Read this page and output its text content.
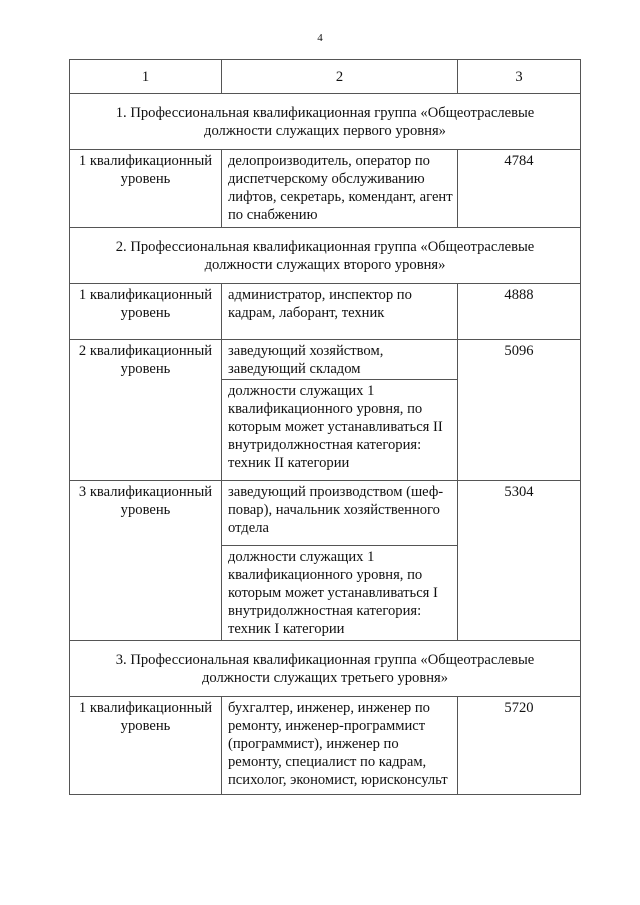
4
1	2	3
1. Профессиональная квалификационная группа «Общеотраслевые должности служащих первого уровня»		
1 квалификационный уровень	делопроизводитель, оператор по диспетчерскому обслуживанию лифтов, секретарь, комендант, агент по снабжению	4784
2. Профессиональная квалификационная группа «Общеотраслевые должности служащих второго уровня»		
1 квалификационный уровень	администратор, инспектор по кадрам, лаборант, техник	4888
2 квалификационный уровень	заведующий хозяйством, заведующий складом	5096
	должности служащих 1 квалификационного уровня, по которым может устанавливаться II внутридолжностная категория: техник II категории	
3 квалификационный уровень	заведующий производством (шеф-повар), начальник хозяйственного отдела	5304
	должности служащих 1 квалификационного уровня, по которым может устанавливаться I внутридолжностная категория: техник I категории	
3. Профессиональная квалификационная группа «Общеотраслевые должности служащих третьего уровня»		
1 квалификационный уровень	бухгалтер, инженер, инженер по ремонту, инженер-программист (программист), инженер по ремонту, специалист по кадрам, психолог, экономист, юрисконсульт	5720
